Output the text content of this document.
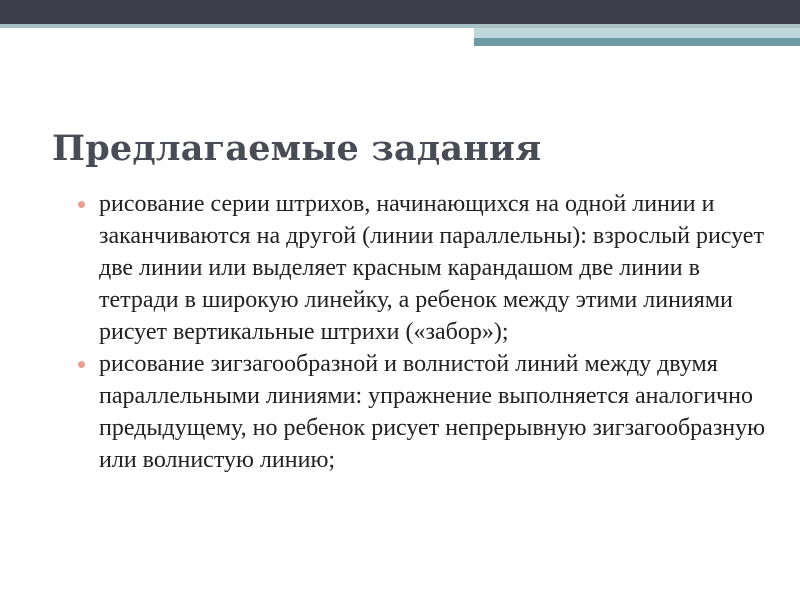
Предлагаемые задания
рисование серии штрихов, начинающихся на одной линии и заканчиваются на другой (линии параллельны): взрослый рисует две линии или выделяет красным карандашом две линии в тетради в широкую линейку, а ребенок между этими линиями рисует вертикальные штрихи («забор»);
рисование зигзагообразной и волнистой линий между двумя параллельными линиями: упражнение выполняется аналогично предыдущему, но ребенок рисует непрерывную зигзагообразную или волнистую линию;
